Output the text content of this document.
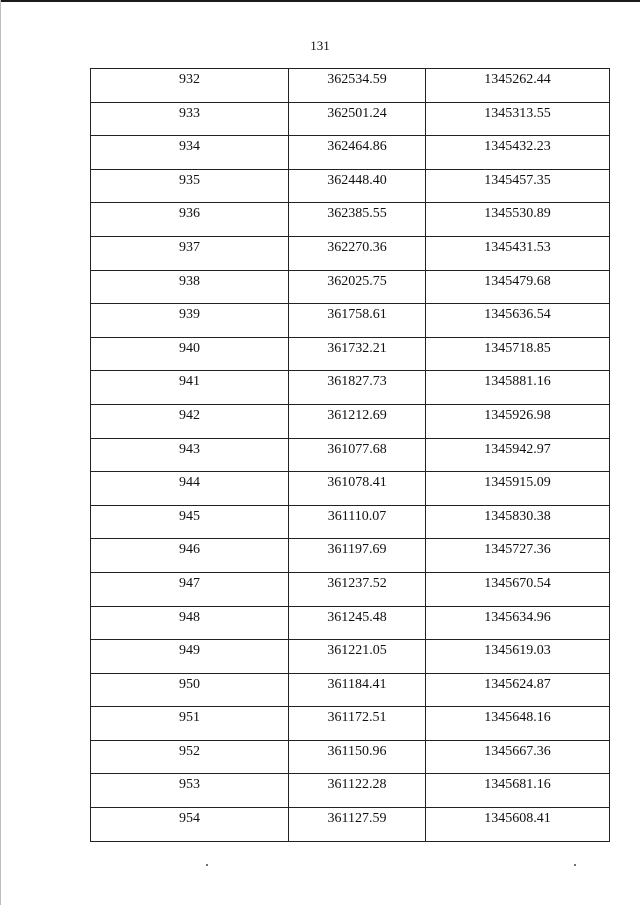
131
932	362534.59	1345262.44
933	362501.24	1345313.55
934	362464.86	1345432.23
935	362448.40	1345457.35
936	362385.55	1345530.89
937	362270.36	1345431.53
938	362025.75	1345479.68
939	361758.61	1345636.54
940	361732.21	1345718.85
941	361827.73	1345881.16
942	361212.69	1345926.98
943	361077.68	1345942.97
944	361078.41	1345915.09
945	361110.07	1345830.38
946	361197.69	1345727.36
947	361237.52	1345670.54
948	361245.48	1345634.96
949	361221.05	1345619.03
950	361184.41	1345624.87
951	361172.51	1345648.16
952	361150.96	1345667.36
953	361122.28	1345681.16
954	361127.59	1345608.41
